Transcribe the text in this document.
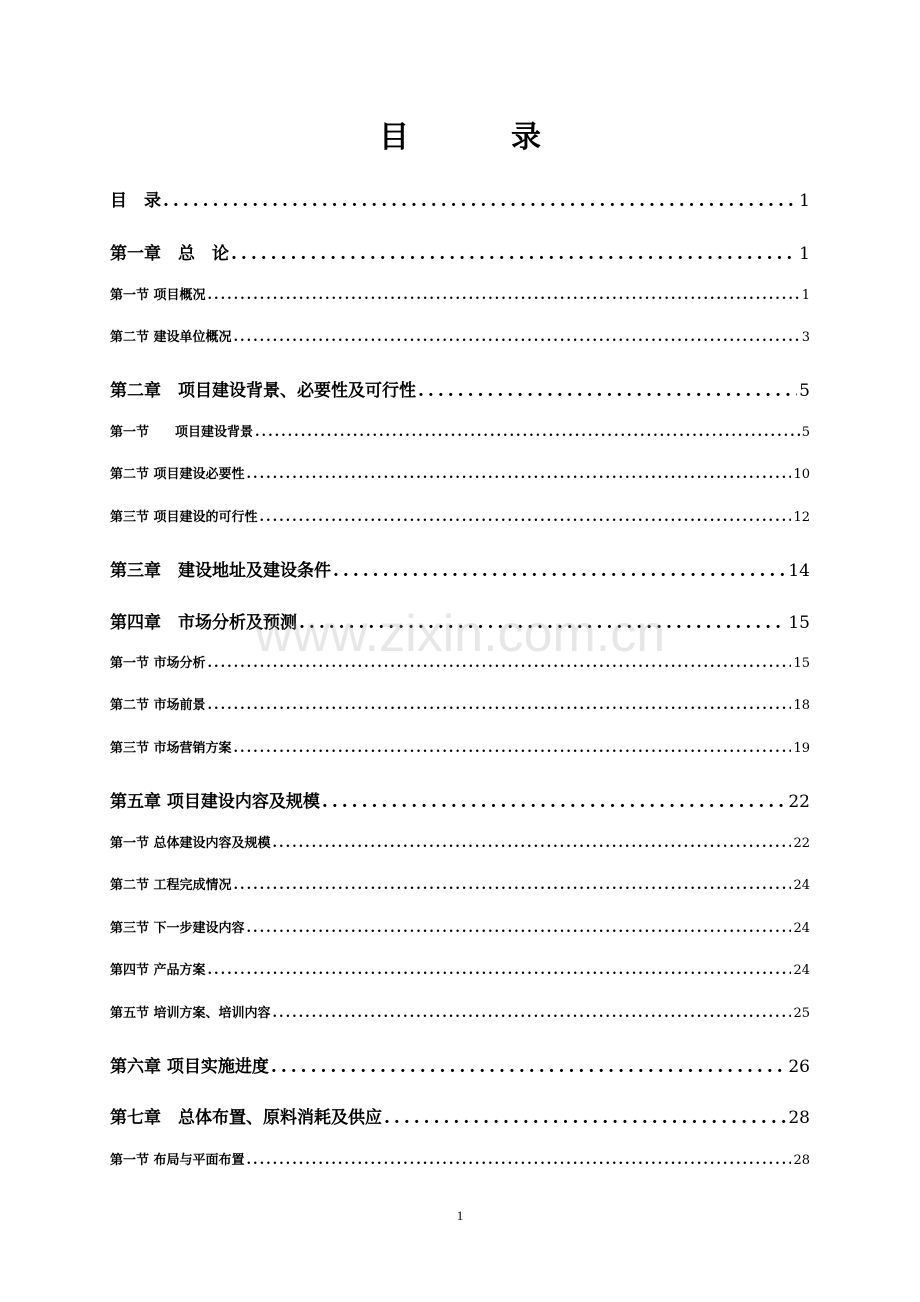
目　录
目　录 .....	1
第一章　总　论 .....	1
第一节 项目概况 .....	1
第二节 建设单位概况 .....	3
第二章　项目建设背景、必要性及可行性 .....	5
第一节　　项目建设背景 .....	5
第二节 项目建设必要性 .....	10
第三节 项目建设的可行性 .....	12
第三章　建设地址及建设条件 .....	14
第四章　市场分析及预测 .....	15
第一节 市场分析 .....	15
第二节 市场前景 .....	18
第三节 市场营销方案 .....	19
第五章 项目建设内容及规模 .....	22
第一节 总体建设内容及规模 .....	22
第二节 工程完成情况 .....	24
第三节 下一步建设内容 .....	24
第四节 产品方案 .....	24
第五节 培训方案、培训内容 .....	25
第六章 项目实施进度 .....	26
第七章　总体布置、原料消耗及供应 .....	28
第一节 布局与平面布置 .....	28
www.zixin.com.cn
1
